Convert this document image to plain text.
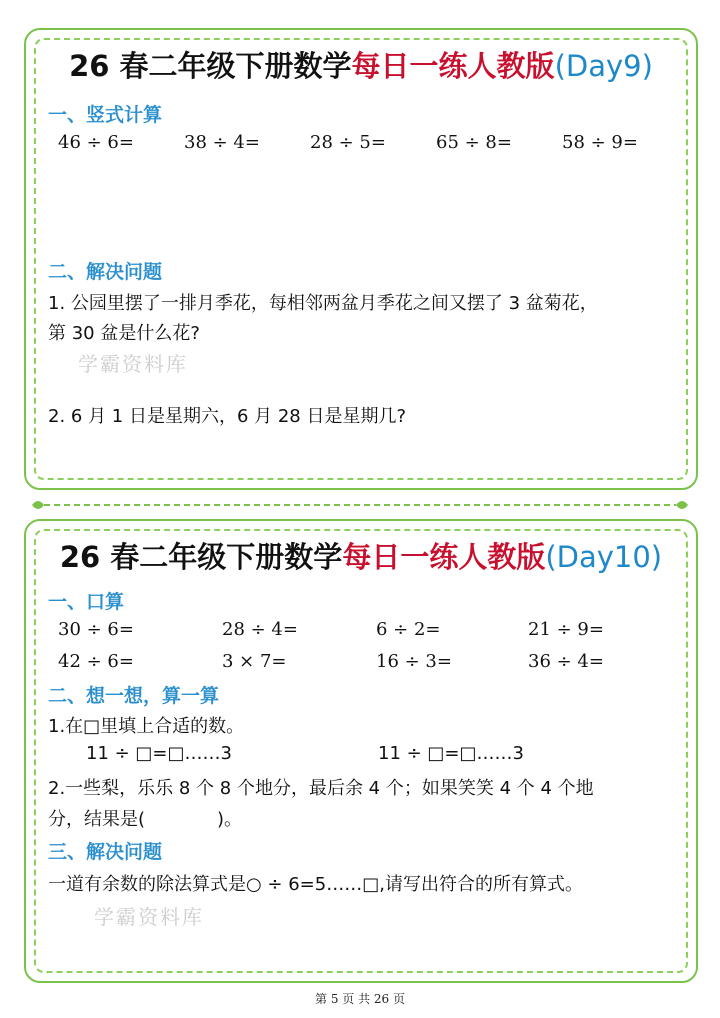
26 春二年级下册数学每日一练人教版(Day9)
一、竖式计算
46 ÷ 6=	38 ÷ 4=	28 ÷ 5=	65 ÷ 8=	58 ÷ 9=
二、解决问题
1. 公园里摆了一排月季花，每相邻两盆月季花之间又摆了 3 盆菊花，
第 30 盆是什么花?
学霸资料库
2. 6 月 1 日是星期六，6 月 28 日是星期几?
26 春二年级下册数学每日一练人教版(Day10)
一、口算
30 ÷ 6=	28 ÷ 4=	6 ÷ 2=	21 ÷ 9=
42 ÷ 6=	3 × 7=	16 ÷ 3=	36 ÷ 4=
二、想一想，算一算
1.在□里填上合适的数。
11 ÷ □=□……3	11 ÷ □=□……3
2.一些梨，乐乐 8 个 8 个地分，最后余 4 个；如果笑笑 4 个 4 个地
分，结果是(　　　　)。
三、解决问题
一道有余数的除法算式是○ ÷ 6=5……□,请写出符合的所有算式。
学霸资料库
第 5 页 共 26 页
